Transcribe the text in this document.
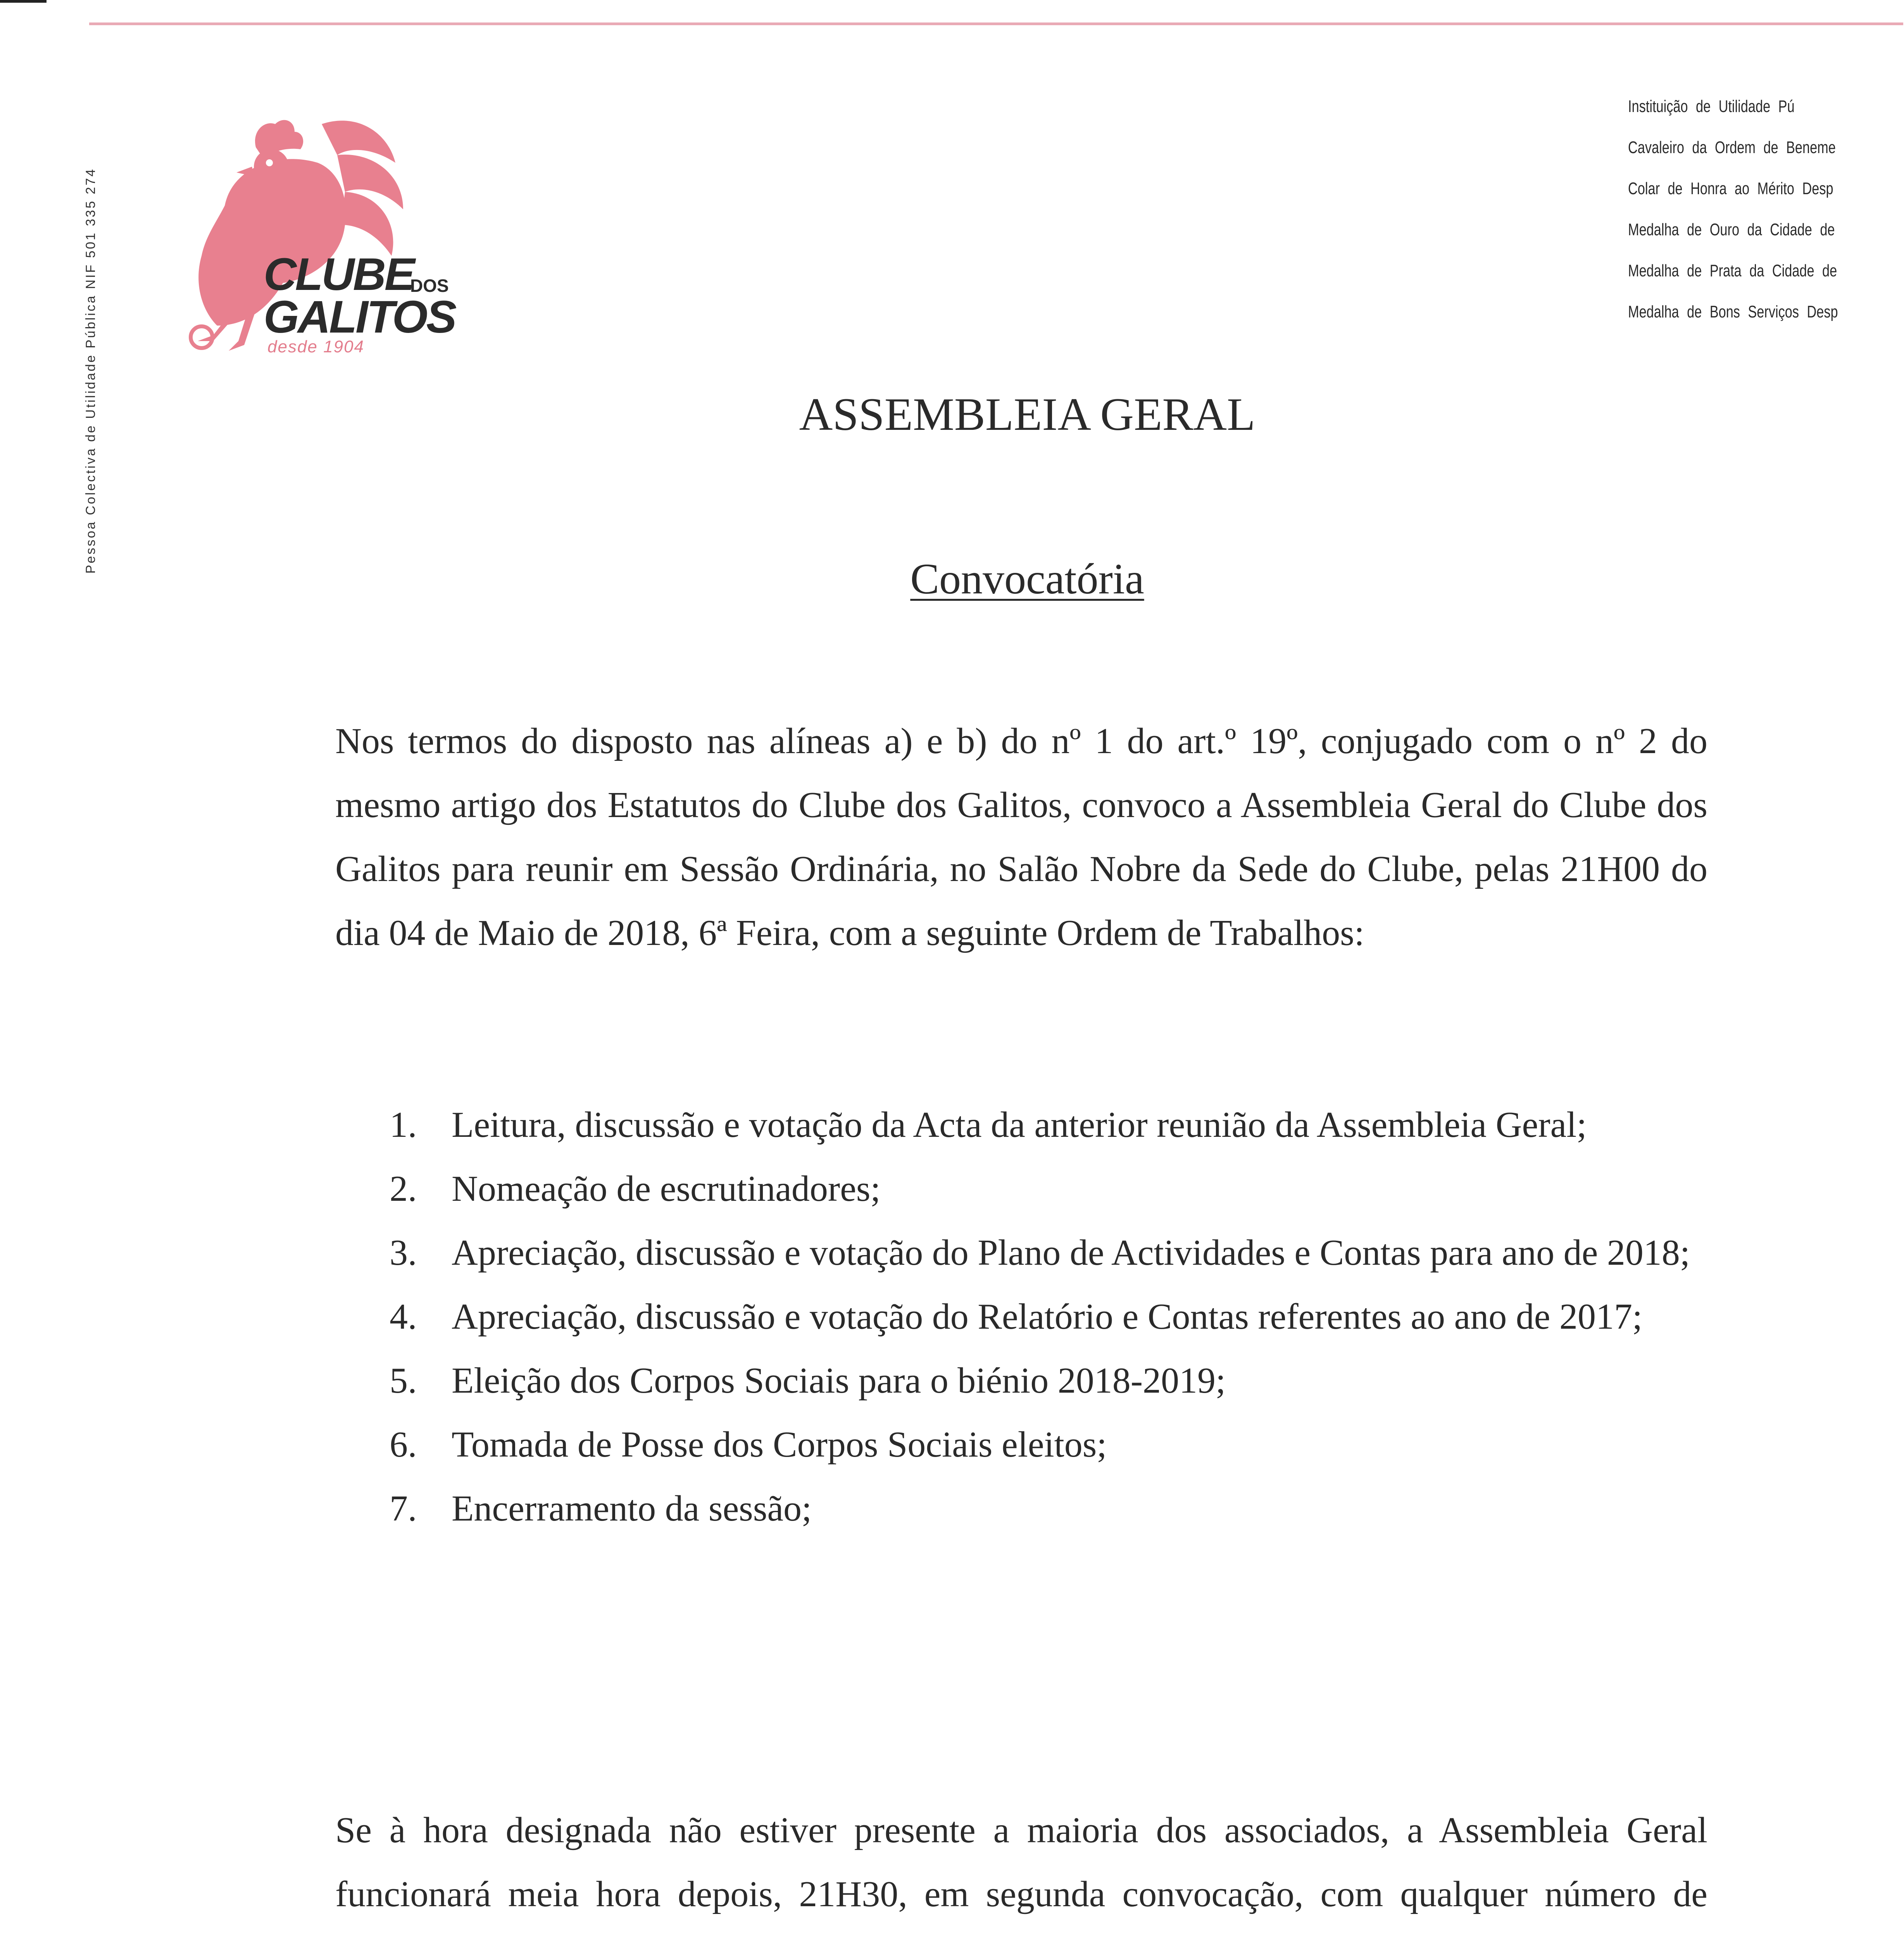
Pessoa Colectiva de Utilidade Pública NIF 501 335 274	CLUBE
DOS
GALITOS
desde 1904
Instituição de Utilidade Pú
Cavaleiro da Ordem de Beneme
Colar de Honra ao Mérito Desp
Medalha de Ouro da Cidade de
Medalha de Prata da Cidade de
Medalha de Bons Serviços Desp
ASSEMBLEIA GERAL
Convocatória
Nos termos do disposto nas alíneas a) e b) do nº 1 do art.º 19º, conjugado com o nº 2 do mesmo artigo dos Estatutos do Clube dos Galitos, convoco a Assembleia Geral do Clube dos Galitos para reunir em Sessão Ordinária, no Salão Nobre da Sede do Clube, pelas 21H00 do dia 04 de Maio de 2018, 6ª Feira, com a seguinte Ordem de Trabalhos:
1. Leitura, discussão e votação da Acta da anterior reunião da Assembleia Geral;
2. Nomeação de escrutinadores;
3. Apreciação, discussão e votação do Plano de Actividades e Contas para ano de 2018;
4. Apreciação, discussão e votação do Relatório e Contas referentes ao ano de 2017;
5. Eleição dos Corpos Sociais para o biénio 2018-2019;
6. Tomada de Posse dos Corpos Sociais eleitos;
7. Encerramento da sessão;
Se à hora designada não estiver presente a maioria dos associados, a Assembleia Geral funcionará meia hora depois, 21H30, em segunda convocação, com qualquer número de
